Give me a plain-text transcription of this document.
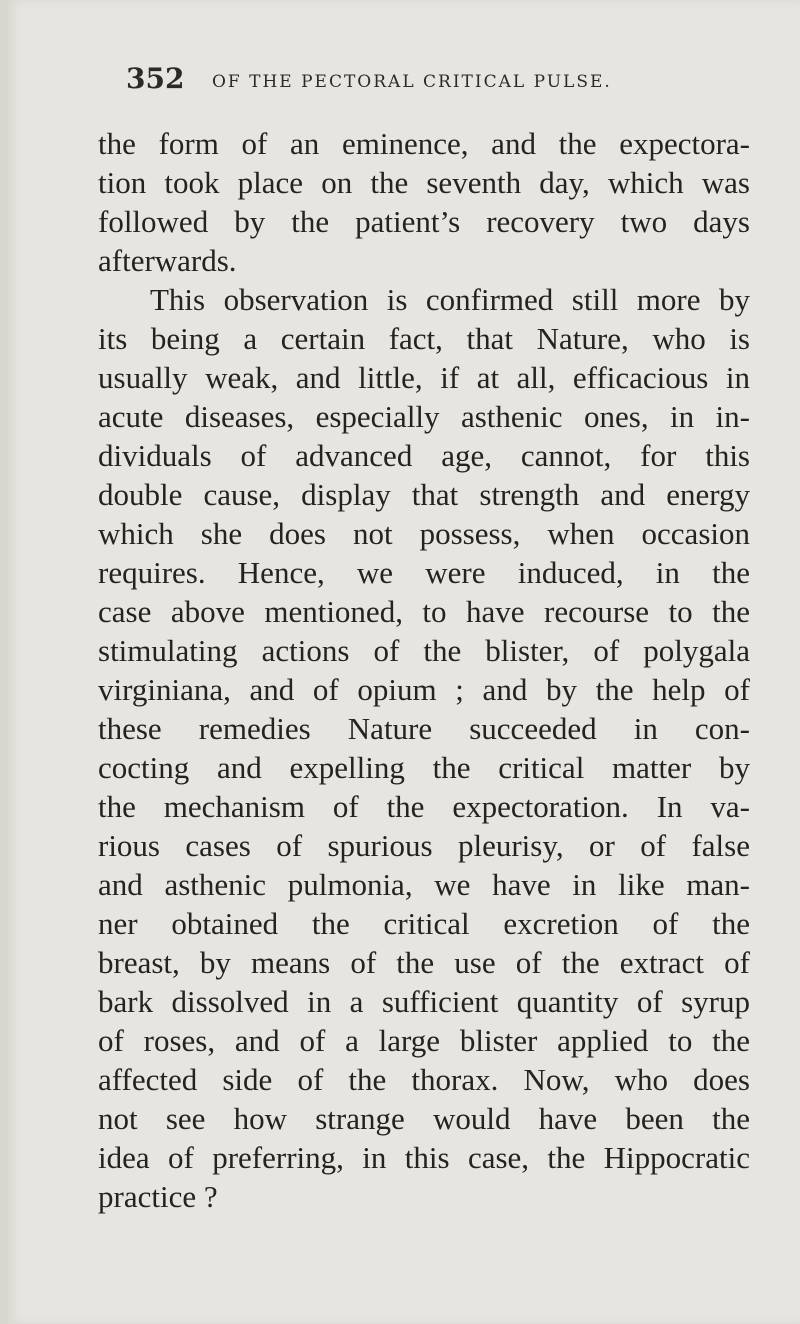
352 OF THE PECTORAL CRITICAL PULSE.
the form of an eminence, and the expectora-
tion took place on the seventh day, which was
followed by the patient’s recovery two days
afterwards.
This observation is confirmed still more by
its being a certain fact, that Nature, who is
usually weak, and little, if at all, efficacious in
acute diseases, especially asthenic ones, in in-
dividuals of advanced age, cannot, for this
double cause, display that strength and energy
which she does not possess, when occasion
requires. Hence, we were induced, in the
case above mentioned, to have recourse to the
stimulating actions of the blister, of polygala
virginiana, and of opium ; and by the help of
these remedies Nature succeeded in con-
cocting and expelling the critical matter by
the mechanism of the expectoration. In va-
rious cases of spurious pleurisy, or of false
and asthenic pulmonia, we have in like man-
ner obtained the critical excretion of the
breast, by means of the use of the extract of
bark dissolved in a sufficient quantity of syrup
of roses, and of a large blister applied to the
affected side of the thorax. Now, who does
not see how strange would have been the
idea of preferring, in this case, the Hippocratic
practice ?
